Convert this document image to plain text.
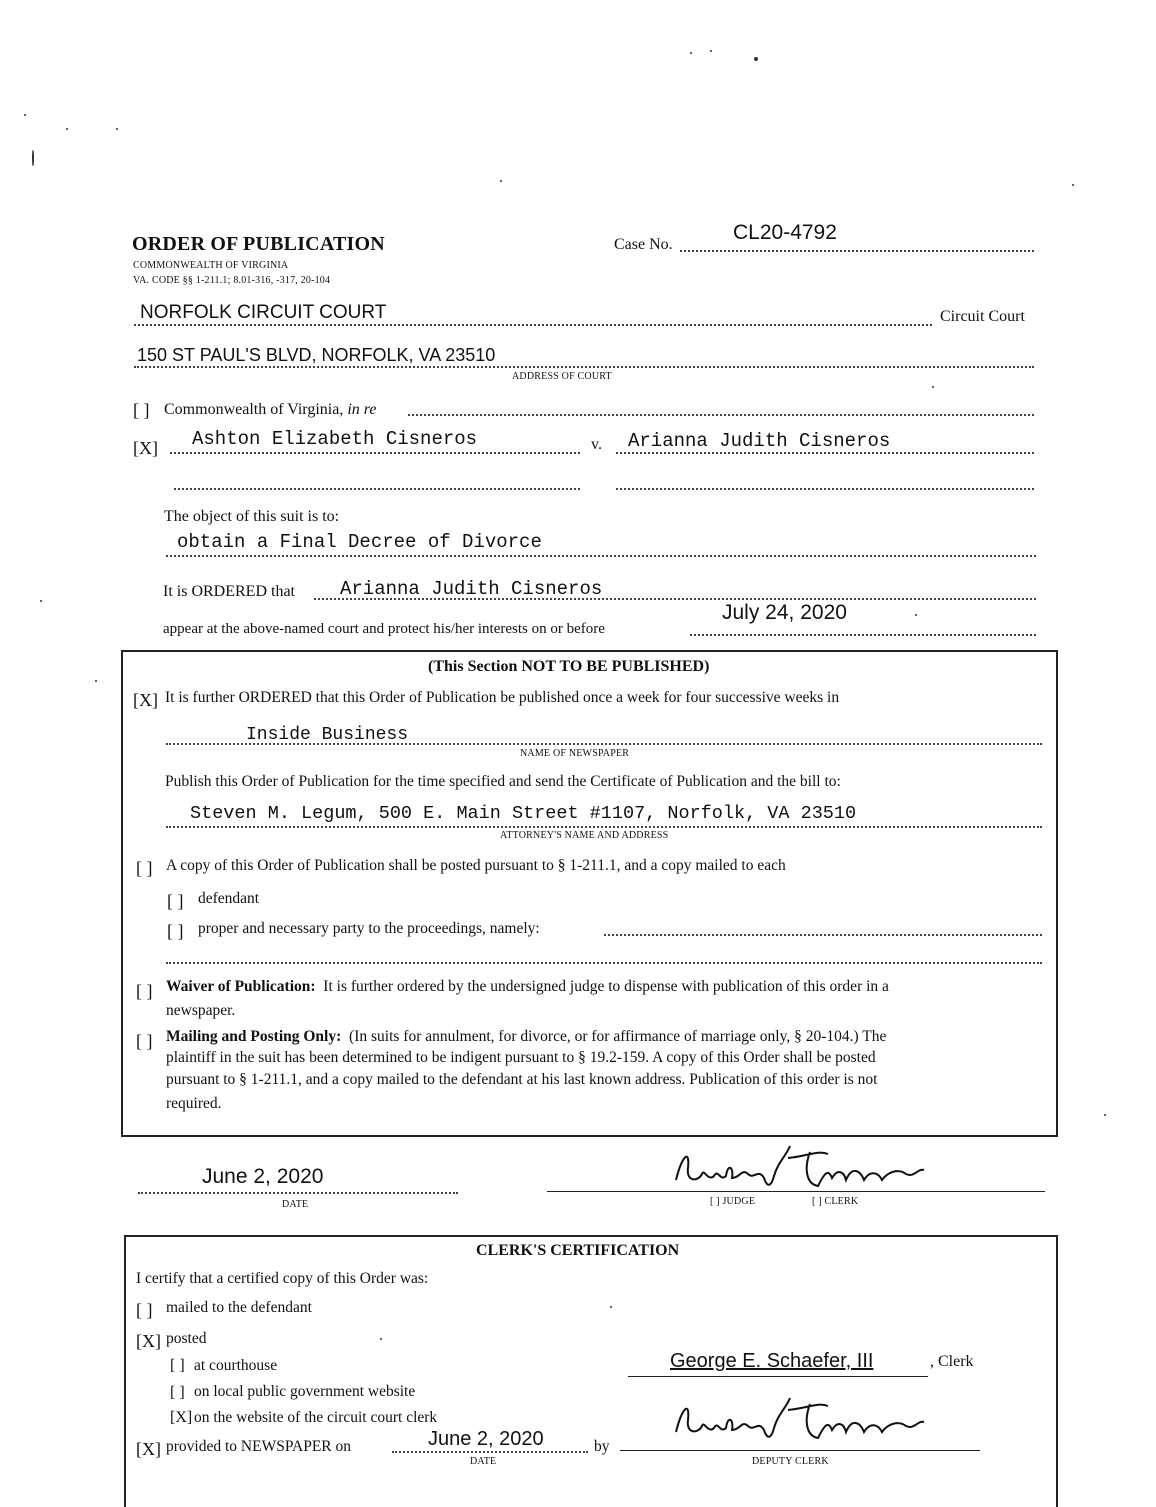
ORDER OF PUBLICATION
COMMONWEALTH OF VIRGINIA
VA. CODE §§ 1-211.1; 8.01-316, -317, 20-104
Case No.
CL20-4792
NORFOLK CIRCUIT COURT	Circuit Court
150 ST PAUL'S BLVD, NORFOLK, VA 23510
ADDRESS OF COURT
[ ] Commonwealth of Virginia, in re
[X] Ashton Elizabeth Cisneros	v. Arianna Judith Cisneros
The object of this suit is to:
obtain a Final Decree of Divorce
It is ORDERED that Arianna Judith Cisneros
appear at the above-named court and protect his/her interests on or before
July 24, 2020
(This Section NOT TO BE PUBLISHED)
[X] It is further ORDERED that this Order of Publication be published once a week for four successive weeks in
Inside Business
NAME OF NEWSPAPER
Publish this Order of Publication for the time specified and send the Certificate of Publication and the bill to:
Steven M. Legum, 500 E. Main Street #1107, Norfolk, VA 23510
ATTORNEY'S NAME AND ADDRESS
[ ] A copy of this Order of Publication shall be posted pursuant to § 1-211.1, and a copy mailed to each
[ ] defendant
[ ] proper and necessary party to the proceedings, namely:
[ ] Waiver of Publication: It is further ordered by the undersigned judge to dispense with publication of this order in a
newspaper.
[ ] Mailing and Posting Only: (In suits for annulment, for divorce, or for affirmance of marriage only, § 20-104.) The
plaintiff in the suit has been determined to be indigent pursuant to § 19.2-159. A copy of this Order shall be posted
pursuant to § 1-211.1, and a copy mailed to the defendant at his last known address. Publication of this order is not
required.
June 2, 2020
DATE	[ ] JUDGE	[ ] CLERK
CLERK'S CERTIFICATION
I certify that a certified copy of this Order was:
[ ] mailed to the defendant
[X] posted
[ ] at courthouse
[ ] on local public government website
[X] on the website of the circuit court clerk
George E. Schaefer, III	, Clerk
[X] provided to NEWSPAPER on	June 2, 2020
DATE
by
DEPUTY CLERK
